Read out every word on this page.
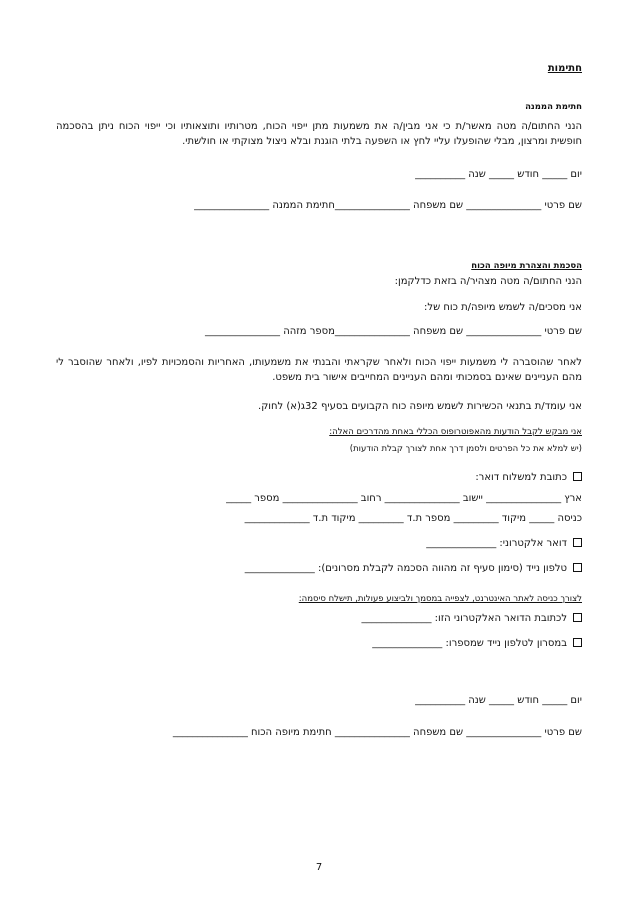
חתימות
חתימת הממנה
הנני החתום/ה מטה מאשר/ת כי אני מבין/ה את משמעות מתן ייפוי הכוח, מטרותיו ותוצאותיו וכי ייפוי הכוח ניתן בהסכמה חופשית ומרצון, מבלי שהופעלו עליי לחץ או השפעה בלתי הוגנת ובלא ניצול מצוקתי או חולשתי.
יום _____ חודש _____ שנה __________
שם פרטי _______________ שם משפחה _______________חתימת הממנה _______________
הסכמת והצהרת מיופה הכוח
הנני החתום/ה מטה מצהיר/ה בזאת כדלקמן:
אני מסכים/ה לשמש מיופה/ת כוח של:
שם פרטי _______________ שם משפחה _______________מספר מזהה _______________
לאחר שהוסברה לי משמעות ייפוי הכוח ולאחר שקראתי והבנתי את משמעותו, האחריות והסמכויות לפיו, ולאחר שהוסבר לי מהם העניינים שאינם בסמכותי ומהם העניינים המחייבים אישור בית משפט.
אני עומד/ת בתנאי הכשירות לשמש מיופה כוח הקבועים בסעיף 32ג(א) לחוק.
אני מבקש לקבל הודעות מהאפוטרופוס הכללי באחת מהדרכים האלה:
(יש למלא את כל הפרטים ולסמן דרך אחת לצורך קבלת הודעות)
כתובת למשלוח דואר:
ארץ _______________ יישוב _______________ רחוב _______________ מספר _____
כניסה _____ מיקוד _________ מספר ת.ד _________ מיקוד ת.ד _____________
דואר אלקטרוני: ______________
טלפון נייד (סימון סעיף זה מהווה הסכמה לקבלת מסרונים): ______________
לצורך כניסה לאתר האינטרנט, לצפייה במסמך ולביצוע פעולות, תישלח סיסמה:
לכתובת הדואר האלקטרוני הזו: ______________
במסרון לטלפון נייד שמספרו: ______________
יום _____ חודש _____ שנה __________
שם פרטי _______________ שם משפחה _______________ חתימת מיופה הכוח _______________
7
